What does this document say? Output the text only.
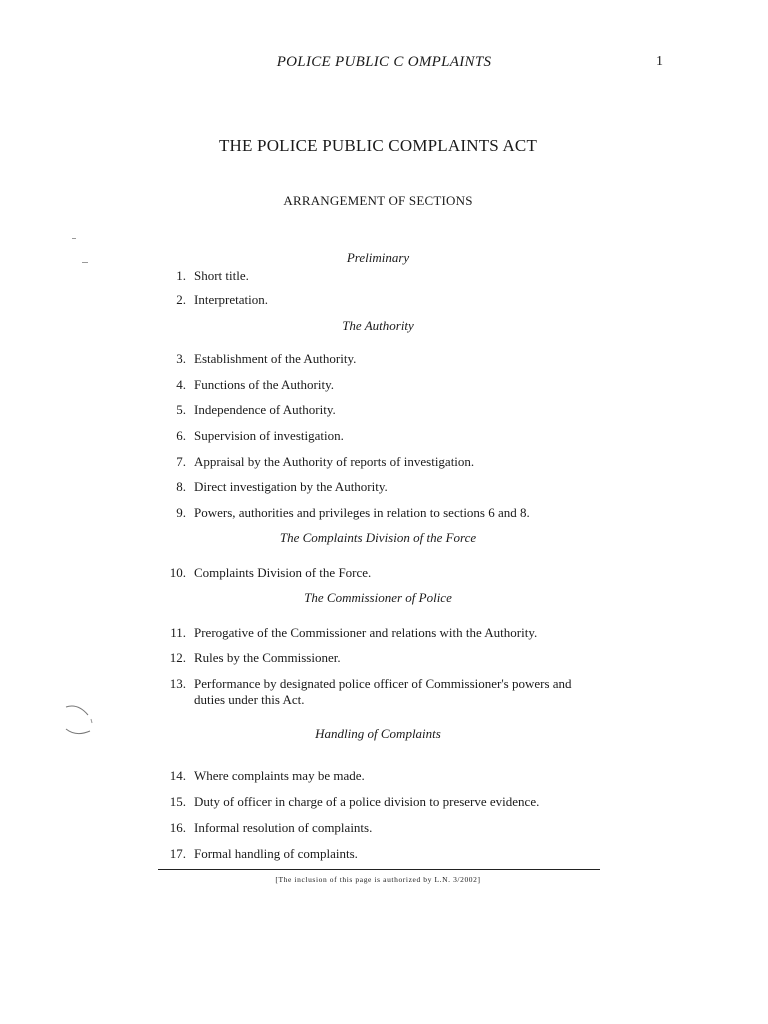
POLICE PUBLIC C OMPLAINTS	1
THE POLICE PUBLIC COMPLAINTS ACT
ARRANGEMENT OF SECTIONS
Preliminary
1. Short title.
2. Interpretation.
The Authority
3. Establishment of the Authority.
4. Functions of the Authority.
5. Independence of Authority.
6. Supervision of investigation.
7. Appraisal by the Authority of reports of investigation.
8. Direct investigation by the Authority.
9. Powers, authorities and privileges in relation to sections 6 and 8.
The Complaints Division of the Force
10. Complaints Division of the Force.
The Commissioner of Police
11. Prerogative of the Commissioner and relations with the Authority.
12. Rules by the Commissioner.
13. Performance by designated police officer of Commissioner's powers and duties under this Act.
Handling of Complaints
14. Where complaints may be made.
15. Duty of officer in charge of a police division to preserve evidence.
16. Informal resolution of complaints.
17. Formal handling of complaints.
[The inclusion of this page is authorized by L.N. 3/2002]
